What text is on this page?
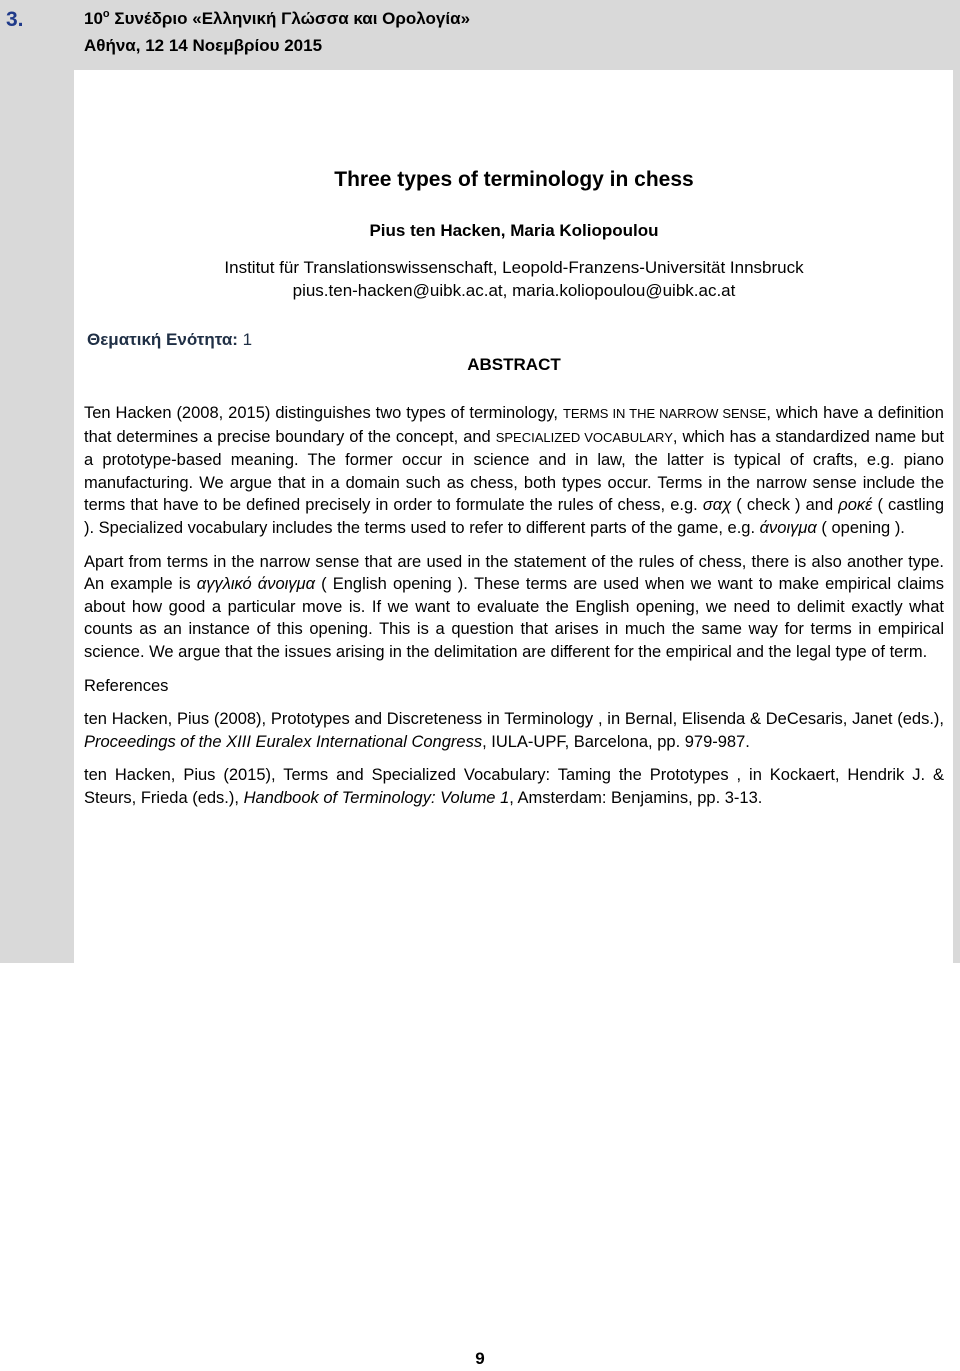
3.	$10^o$ Συνέδριο «Ελληνική Γλώσσα και Ορολογία»
Αθήνα, 12 14 Νοεμβρίου 2015
Three types of terminology in chess
Pius ten Hacken, Maria Koliopoulou
Institut für Translationswissenschaft, Leopold-Franzens-Universität Innsbruck
pius.ten-hacken@uibk.ac.at, maria.koliopoulou@uibk.ac.at
Θεματική Ενότητα: 1
ABSTRACT

Ten Hacken (2008, 2015) distinguishes two types of terminology, TERMS IN THE NARROW SENSE, which have a definition that determines a precise boundary of the concept, and SPECIALIZED VOCABULARY, which has a standardized name but a prototype-based meaning. The former occur in science and in law, the latter is typical of crafts, e.g. piano manufacturing. We argue that in a domain such as chess, both types occur. Terms in the narrow sense include the terms that have to be defined precisely in order to formulate the rules of chess, e.g. σαχ ( check ) and ροκέ ( castling ). Specialized vocabulary includes the terms used to refer to different parts of the game, e.g. άνοιγμα ( opening ).

Apart from terms in the narrow sense that are used in the statement of the rules of chess, there is also another type. An example is αγγλικό άνοιγμα ( English opening ). These terms are used when we want to make empirical claims about how good a particular move is. If we want to evaluate the English opening, we need to delimit exactly what counts as an instance of this opening. This is a question that arises in much the same way for terms in empirical science. We argue that the issues arising in the delimitation are different for the empirical and the legal type of term.

References

ten Hacken, Pius (2008), Prototypes and Discreteness in Terminology , in Bernal, Elisenda & DeCesaris, Janet (eds.), Proceedings of the XIII Euralex International Congress, IULA-UPF, Barcelona, pp. 979-987.

ten Hacken, Pius (2015), Terms and Specialized Vocabulary: Taming the Prototypes , in Kockaert, Hendrik J. & Steurs, Frieda (eds.), Handbook of Terminology: Volume 1, Amsterdam: Benjamins, pp. 3-13.

9
